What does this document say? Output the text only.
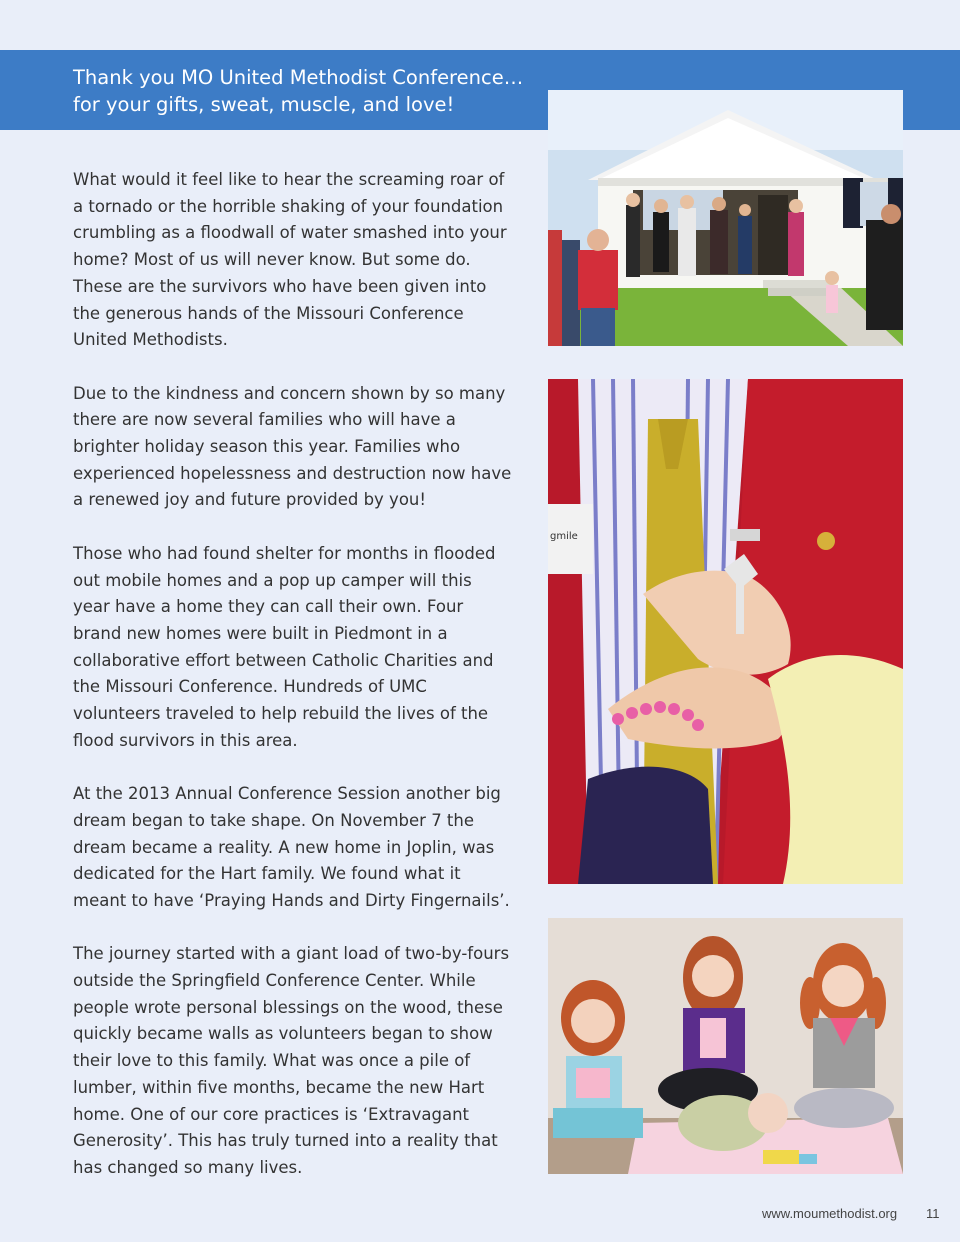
Thank you MO United Methodist Conference…
for your gifts, sweat, muscle, and love!

What would it feel like to hear the screaming roar of a tornado or the horrible shaking of your foundation crumbling as a floodwall of water smashed into your home? Most of us will never know. But some do. These are the survivors who have been given into the generous hands of the Missouri Conference United Methodists.

Due to the kindness and concern shown by so many there are now several families who will have a brighter holiday season this year. Families who experienced hopelessness and destruction now have a renewed joy and future provided by you!

Those who had found shelter for months in flooded out mobile homes and a pop up camper will this year have a home they can call their own. Four brand new homes were built in Piedmont in a collaborative effort between Catholic Charities and the Missouri Conference. Hundreds of UMC volunteers traveled to help rebuild the lives of the flood survivors in this area.

At the 2013 Annual Conference Session another big dream began to take shape. On November 7 the dream became a reality. A new home in Joplin, was dedicated for the Hart family. We found what it meant to have ‘Praying Hands and Dirty Fingernails’.

The journey started with a giant load of two-by-fours outside the Springfield Conference Center. While people wrote personal blessings on the wood, these quickly became walls as volunteers began to show their love to this family. What was once a pile of lumber, within five months, became the new Hart home. One of our core practices is ‘Extravagant Generosity’. This has truly turned into a reality that has changed so many lives.

gmile
www.moumethodist.org 11
